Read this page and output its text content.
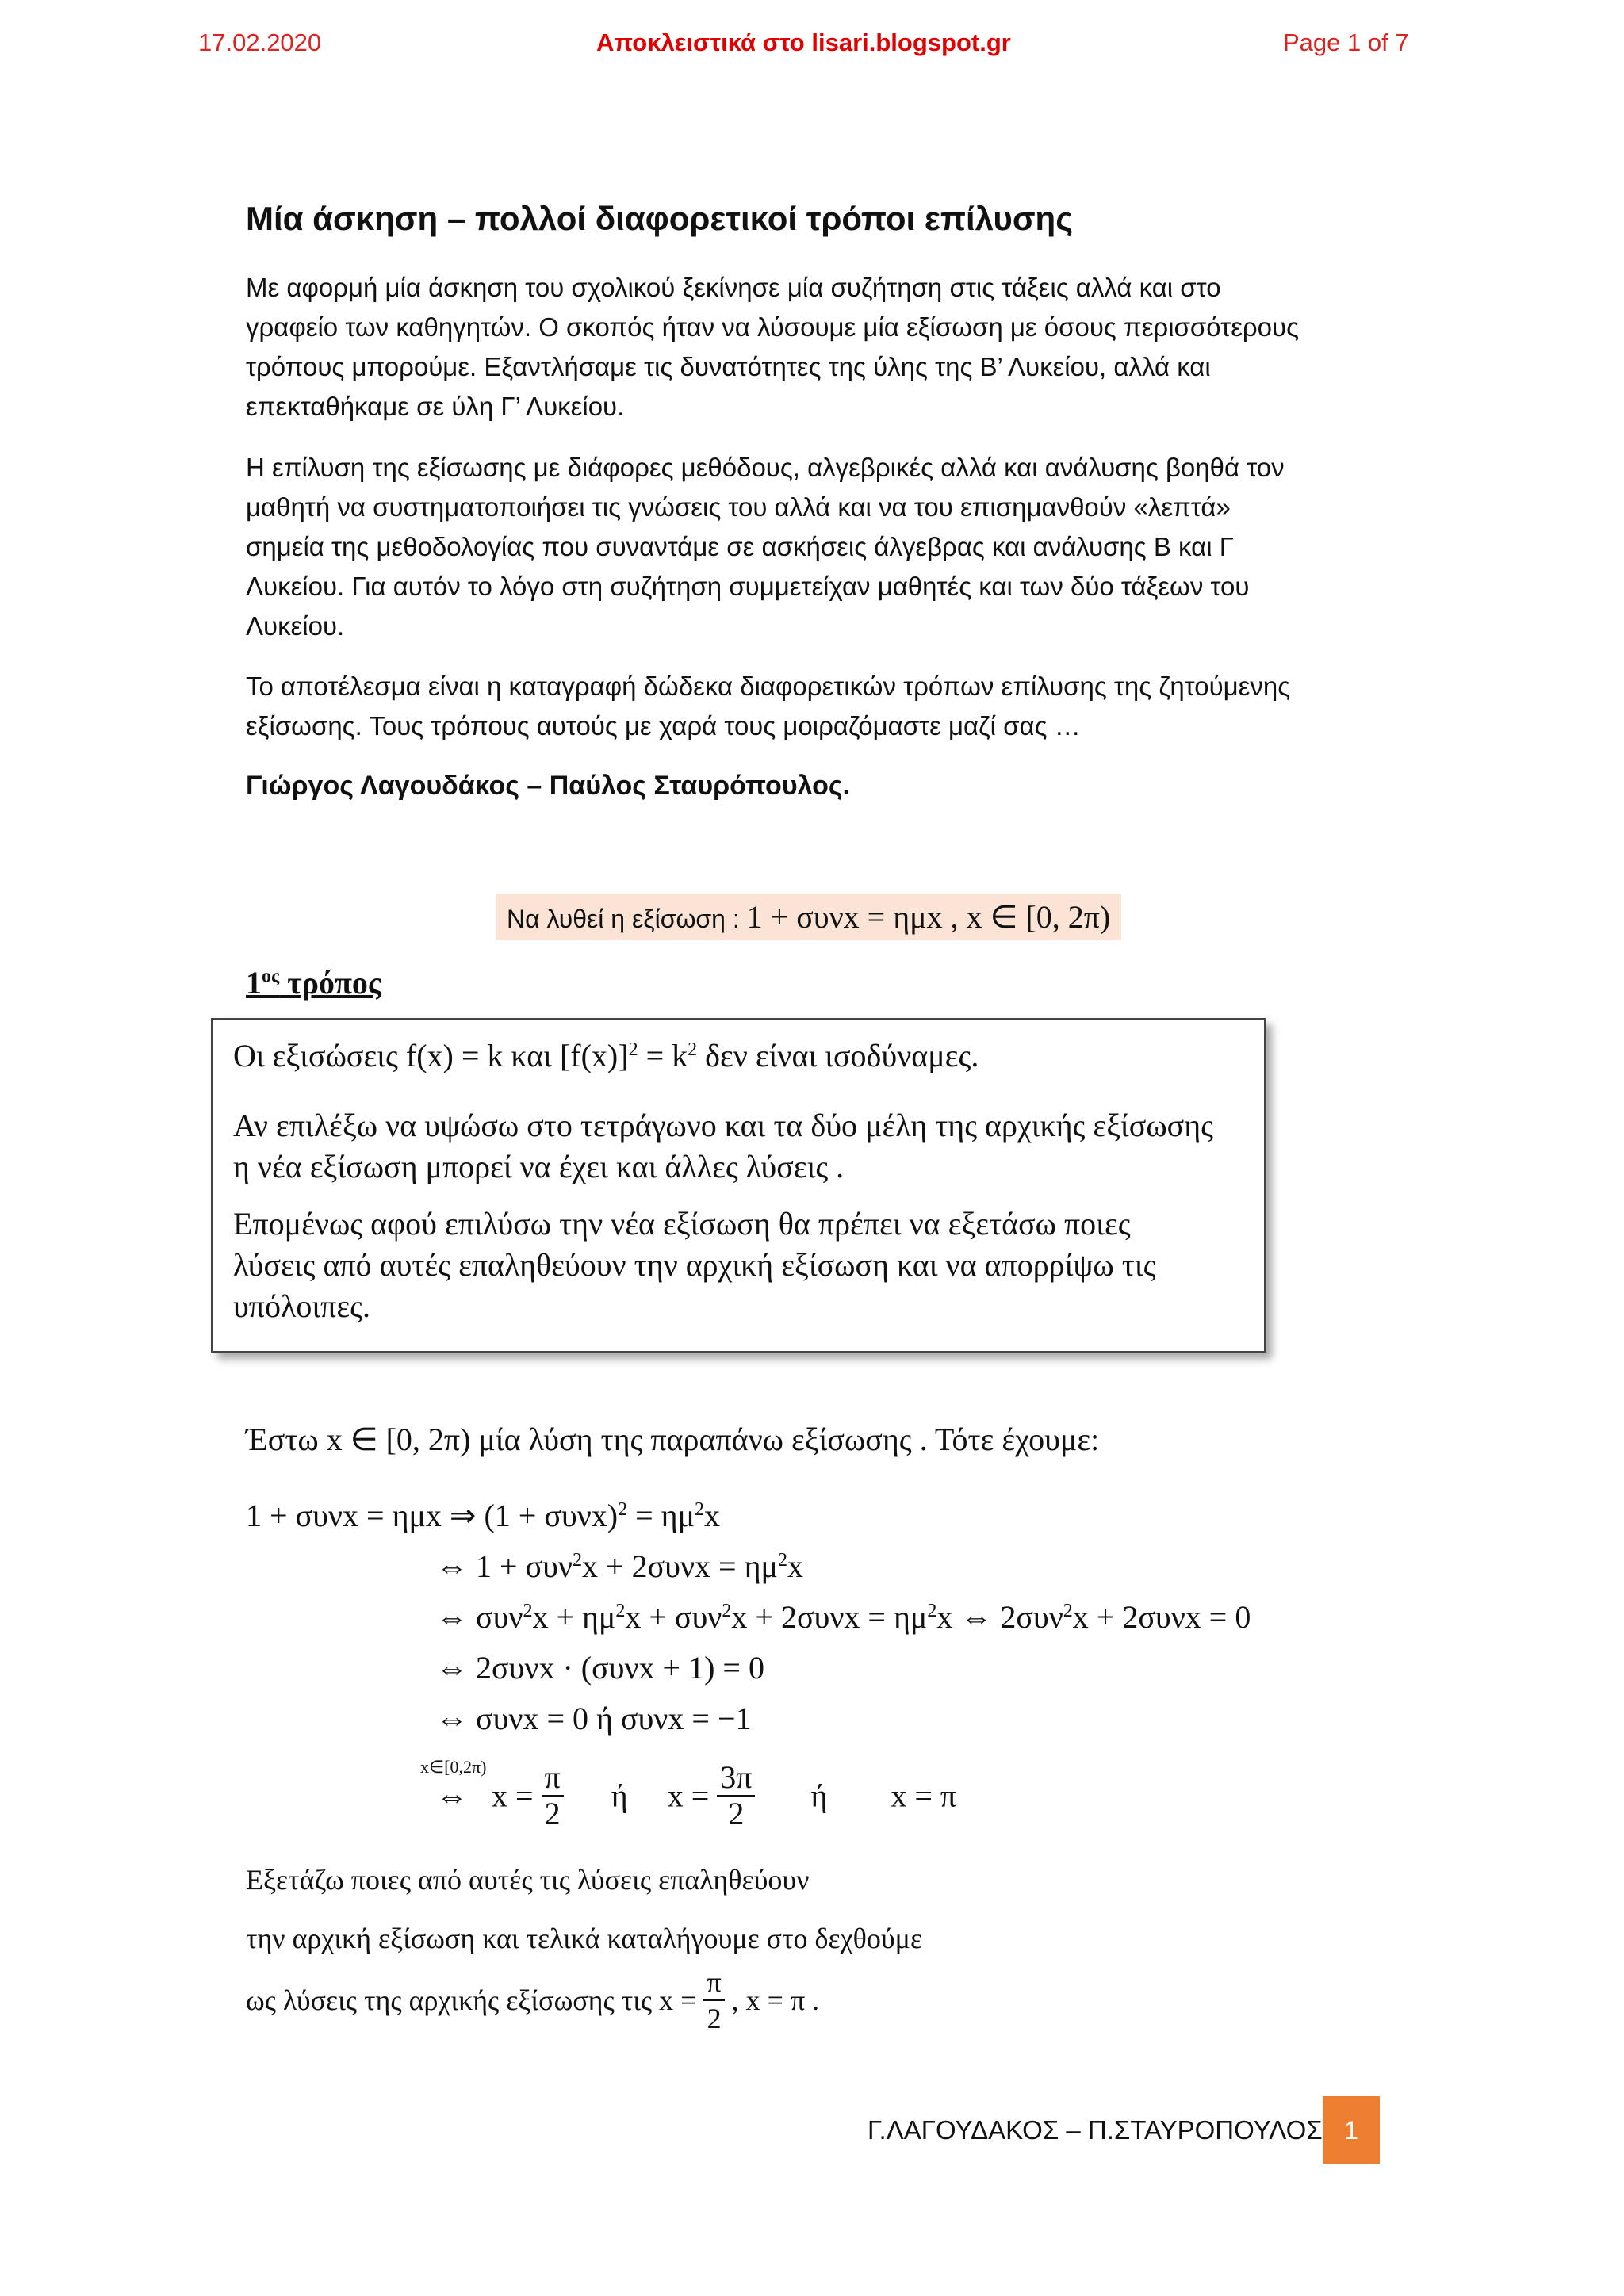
17.02.2020	Αποκλειστικά στο lisari.blogspot.gr	Page 1 of 7
Μία άσκηση – πολλοί διαφορετικοί τρόποι επίλυσης
Με αφορμή μία άσκηση του σχολικού ξεκίνησε μία συζήτηση στις τάξεις αλλά και στο
γραφείο των καθηγητών. Ο σκοπός ήταν να λύσουμε μία εξίσωση με όσους περισσότερους
τρόπους μπορούμε. Εξαντλήσαμε τις δυνατότητες της ύλης της Β’ Λυκείου, αλλά και
επεκταθήκαμε σε ύλη Γ’ Λυκείου.
Η επίλυση της εξίσωσης με διάφορες μεθόδους, αλγεβρικές αλλά και ανάλυσης βοηθά τον
μαθητή να συστηματοποιήσει τις γνώσεις του αλλά και να του επισημανθούν «λεπτά»
σημεία της μεθοδολογίας που συναντάμε σε ασκήσεις άλγεβρας και ανάλυσης Β και Γ
Λυκείου. Για αυτόν το λόγο στη συζήτηση συμμετείχαν μαθητές και των δύο τάξεων του
Λυκείου.
Το αποτέλεσμα είναι η καταγραφή δώδεκα διαφορετικών τρόπων επίλυσης της ζητούμενης
εξίσωσης. Τους τρόπους αυτούς με χαρά τους μοιραζόμαστε μαζί σας …
Γιώργος Λαγουδάκος – Παύλος Σταυρόπουλος.
Να λυθεί η εξίσωση : 1 + συνx = ημx , x ∈ [0, 2π)
$1^{o\varsigma}$ τρόπος

Οι εξισώσεις f(x) = k και $[f(x)]^2 = k^2$ δεν είναι ισοδύναμες.

Αν επιλέξω να υψώσω στο τετράγωνο και τα δύο μέλη της αρχικής εξίσωσης
η νέα εξίσωση μπορεί να έχει και άλλες λύσεις .

Επομένως αφού επιλύσω την νέα εξίσωση θα πρέπει να εξετάσω ποιες
λύσεις από αυτές επαληθεύουν την αρχική εξίσωση και να απορρίψω τις
υπόλοιπες.

Έστω x ∈ [0, 2π) μία λύση της παραπάνω εξίσωσης . Τότε έχουμε:
1 + συνx = ημx ⇒ $(1 + \sigma\upsilon\nu x)^2 = \eta\mu^2x$
⇔ $1 + \sigma\upsilon\nu^2x + 2\sigma\upsilon\nu x = \eta\mu^2x$
⇔ $\sigma\upsilon\nu^2x + \eta\mu^2x + \sigma\upsilon\nu^2x + 2\sigma\upsilon\nu x = \eta\mu^2x$ ⇔ 2συν$^2$x + 2συνx = 0
⇔ 2συνx · (συνx + 1) = 0
⇔ συνx = 0 ή συνx = −1
x∈[0,2π)
⇔   $x = \frac{\pi}{2}$ ή $x = \frac{3\pi}{2}$ ή x = π
Εξετάζω ποιες από αυτές τις λύσεις επαληθεύουν
την αρχική εξίσωση και τελικά καταλήγουμε στο δεχθούμε
ως λύσεις της αρχικής εξίσωσης τις $x = \frac{\pi}{2}$ , x = π .
Γ.ΛΑΓΟΥΔΑΚΟΣ – Π.ΣΤΑΥΡΟΠΟΥΛΟΣ 1
